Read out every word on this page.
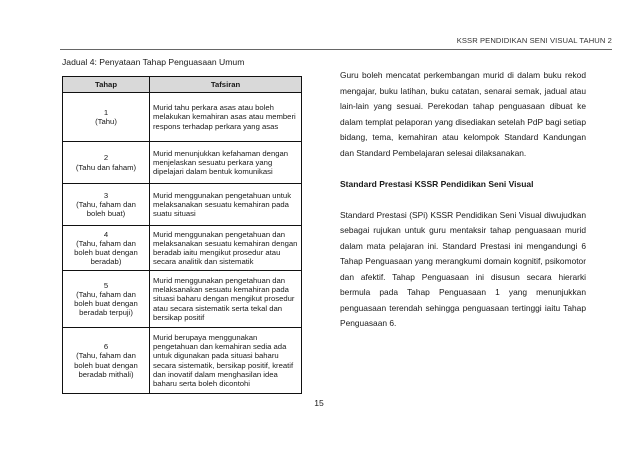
KSSR PENDIDIKAN SENI VISUAL TAHUN 2
Jadual 4: Penyataan Tahap Penguasaan Umum
Tahap	Tafsiran

1
(Tahu)	Murid tahu perkara asas atau boleh melakukan kemahiran asas atau memberi respons terhadap perkara yang asas

2
(Tahu dan faham)	Murid menunjukkan kefahaman dengan menjelaskan sesuatu perkara yang dipelajari dalam bentuk komunikasi

3
(Tahu, faham dan boleh buat)	Murid menggunakan pengetahuan untuk melaksanakan sesuatu kemahiran pada suatu situasi

4
(Tahu, faham dan boleh buat dengan beradab)	Murid menggunakan pengetahuan dan melaksanakan sesuatu kemahiran dengan beradab iaitu mengikut prosedur atau secara analitik dan sistematik

5
(Tahu, faham dan boleh buat dengan beradab terpuji)	Murid menggunakan pengetahuan dan melaksanakan sesuatu kemahiran pada situasi baharu dengan mengikut prosedur atau secara sistematik serta tekal dan bersikap positif

6
(Tahu, faham dan boleh buat dengan beradab mithali)	Murid berupaya menggunakan pengetahuan dan kemahiran sedia ada untuk digunakan pada situasi baharu secara sistematik, bersikap positif, kreatif dan inovatif dalam menghasilan idea baharu serta boleh dicontohi

Guru boleh mencatat perkembangan murid di dalam buku rekod mengajar, buku latihan, buku catatan, senarai semak, jadual atau lain-lain yang sesuai. Perekodan tahap penguasaan dibuat ke dalam templat pelaporan yang disediakan setelah PdP bagi setiap bidang, tema, kemahiran atau kelompok Standard Kandungan dan Standard Pembelajaran selesai dilaksanakan.

Standard Prestasi KSSR Pendidikan Seni Visual

Standard Prestasi (SPi) KSSR Pendidikan Seni Visual diwujudkan sebagai rujukan untuk guru mentaksir tahap penguasaan murid dalam mata pelajaran ini. Standard Prestasi ini mengandungi 6 Tahap Penguasaan yang merangkumi domain kognitif, psikomotor dan afektif. Tahap Penguasaan ini disusun secara hierarki bermula pada Tahap Penguasaan 1 yang menunjukkan penguasaan terendah sehingga penguasaan tertinggi iaitu Tahap Penguasaan 6.

15
